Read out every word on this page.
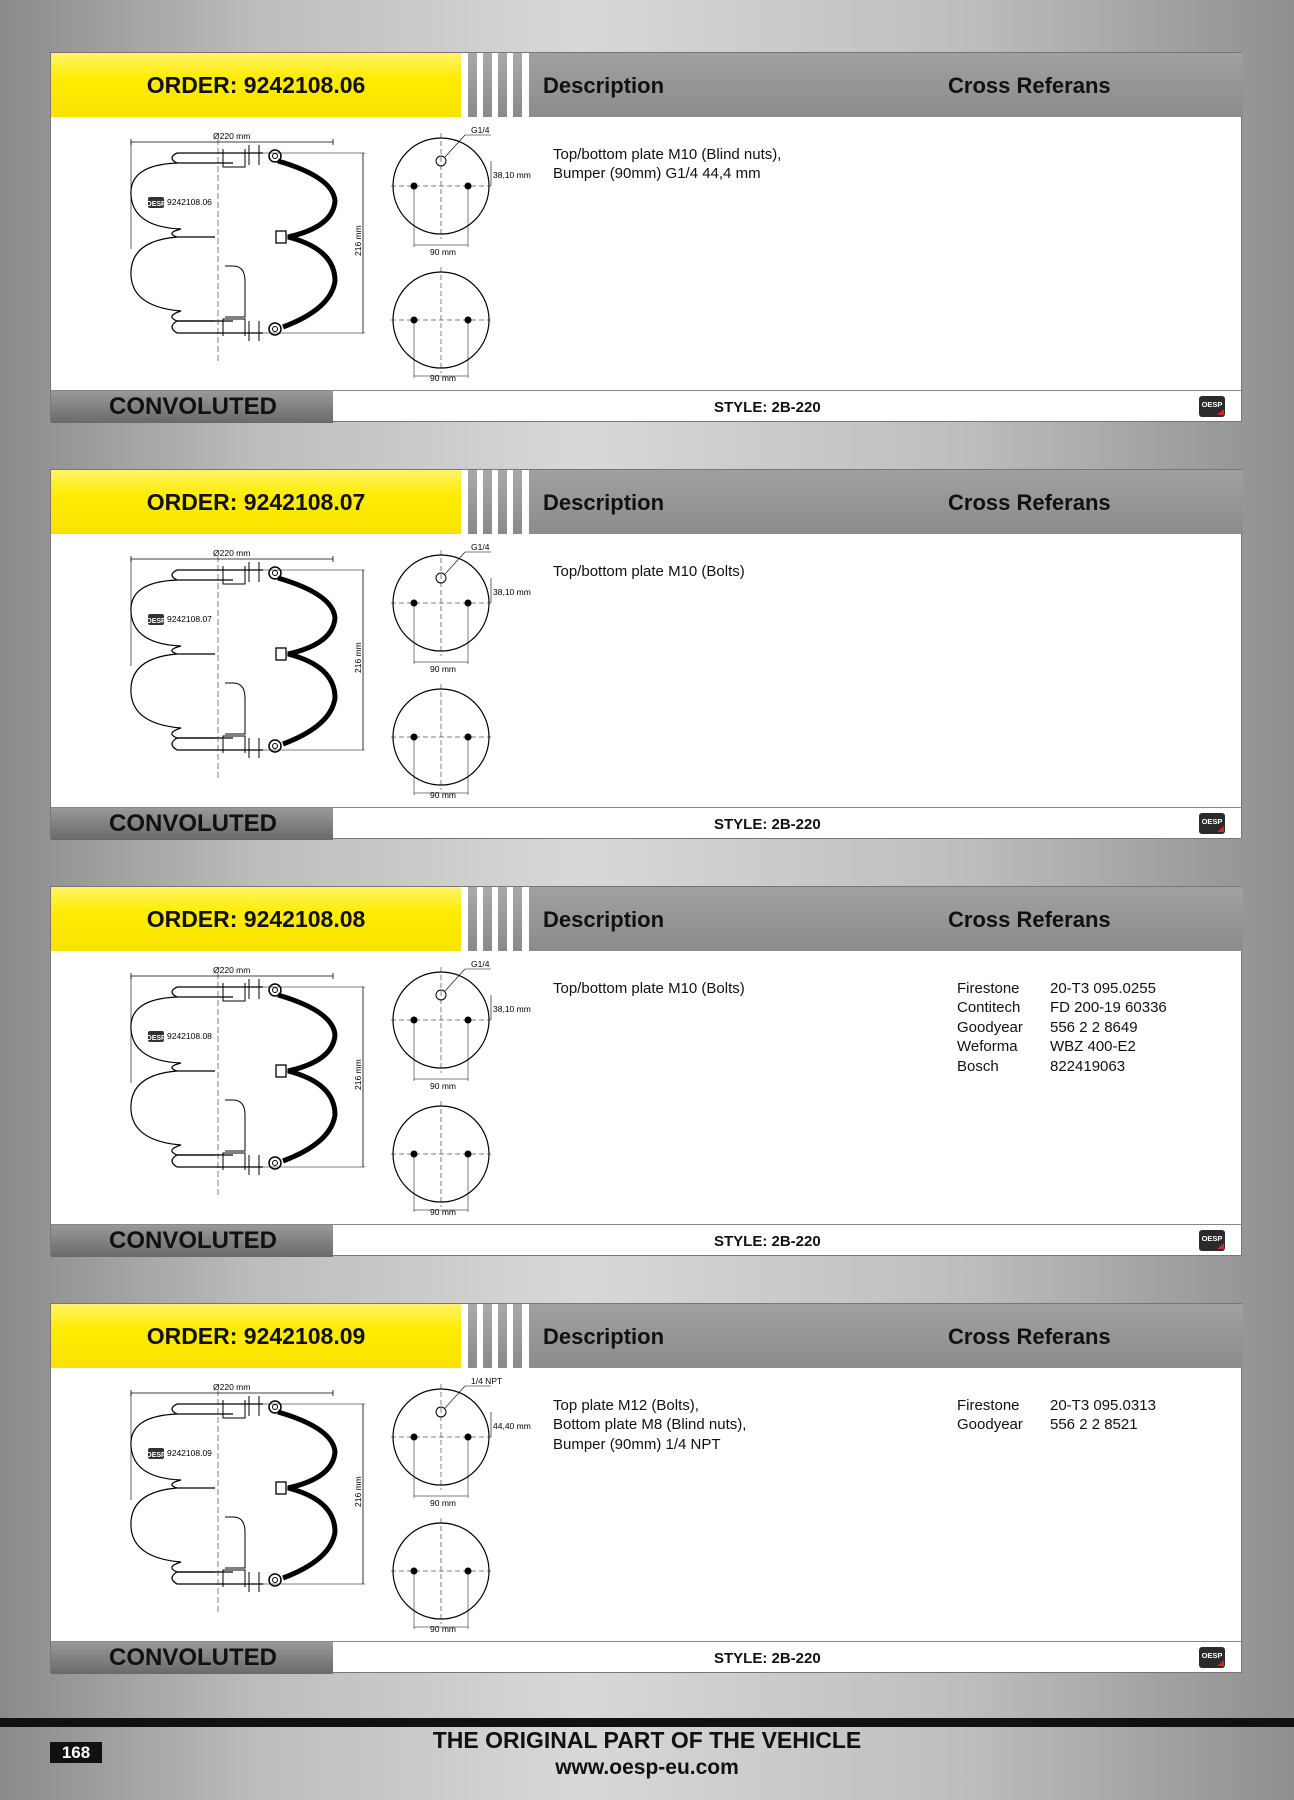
ORDER: 9242108.06	Description	Cross Referans
Ø220 mm
216 mm
OESP 9242108.06
G1/4
38,10 mm
90 mm
90 mm
Top/bottom plate M10 (Blind nuts),
Bumper (90mm) G1/4 44,4 mm
CONVOLUTED	STYLE: 2B-220	OESP
ORDER: 9242108.07	Description	Cross Referans
Ø220 mm
216 mm
OESP 9242108.07
G1/4
38,10 mm
90 mm
90 mm
Top/bottom plate M10 (Bolts)
CONVOLUTED	STYLE: 2B-220	OESP
ORDER: 9242108.08	Description	Cross Referans
Ø220 mm
216 mm
OESP 9242108.08
G1/4
38,10 mm
90 mm
90 mm
Top/bottom plate M10 (Bolts)	Firestone	20-T3 095.0255
Contitech	FD 200-19 60336
Goodyear	556 2 2 8649
Weforma	WBZ 400-E2
Bosch	822419063
CONVOLUTED	STYLE: 2B-220	OESP
ORDER: 9242108.09	Description	Cross Referans
Ø220 mm
216 mm
OESP 9242108.09
1/4 NPT
44,40 mm
90 mm
90 mm
Top plate M12 (Bolts),
Bottom plate M8 (Blind nuts),
Bumper (90mm) 1/4 NPT
Firestone	20-T3 095.0313
Goodyear	556 2 2 8521
CONVOLUTED	STYLE: 2B-220	OESP
168	THE ORIGINAL PART OF THE VEHICLE
www.oesp-eu.com
